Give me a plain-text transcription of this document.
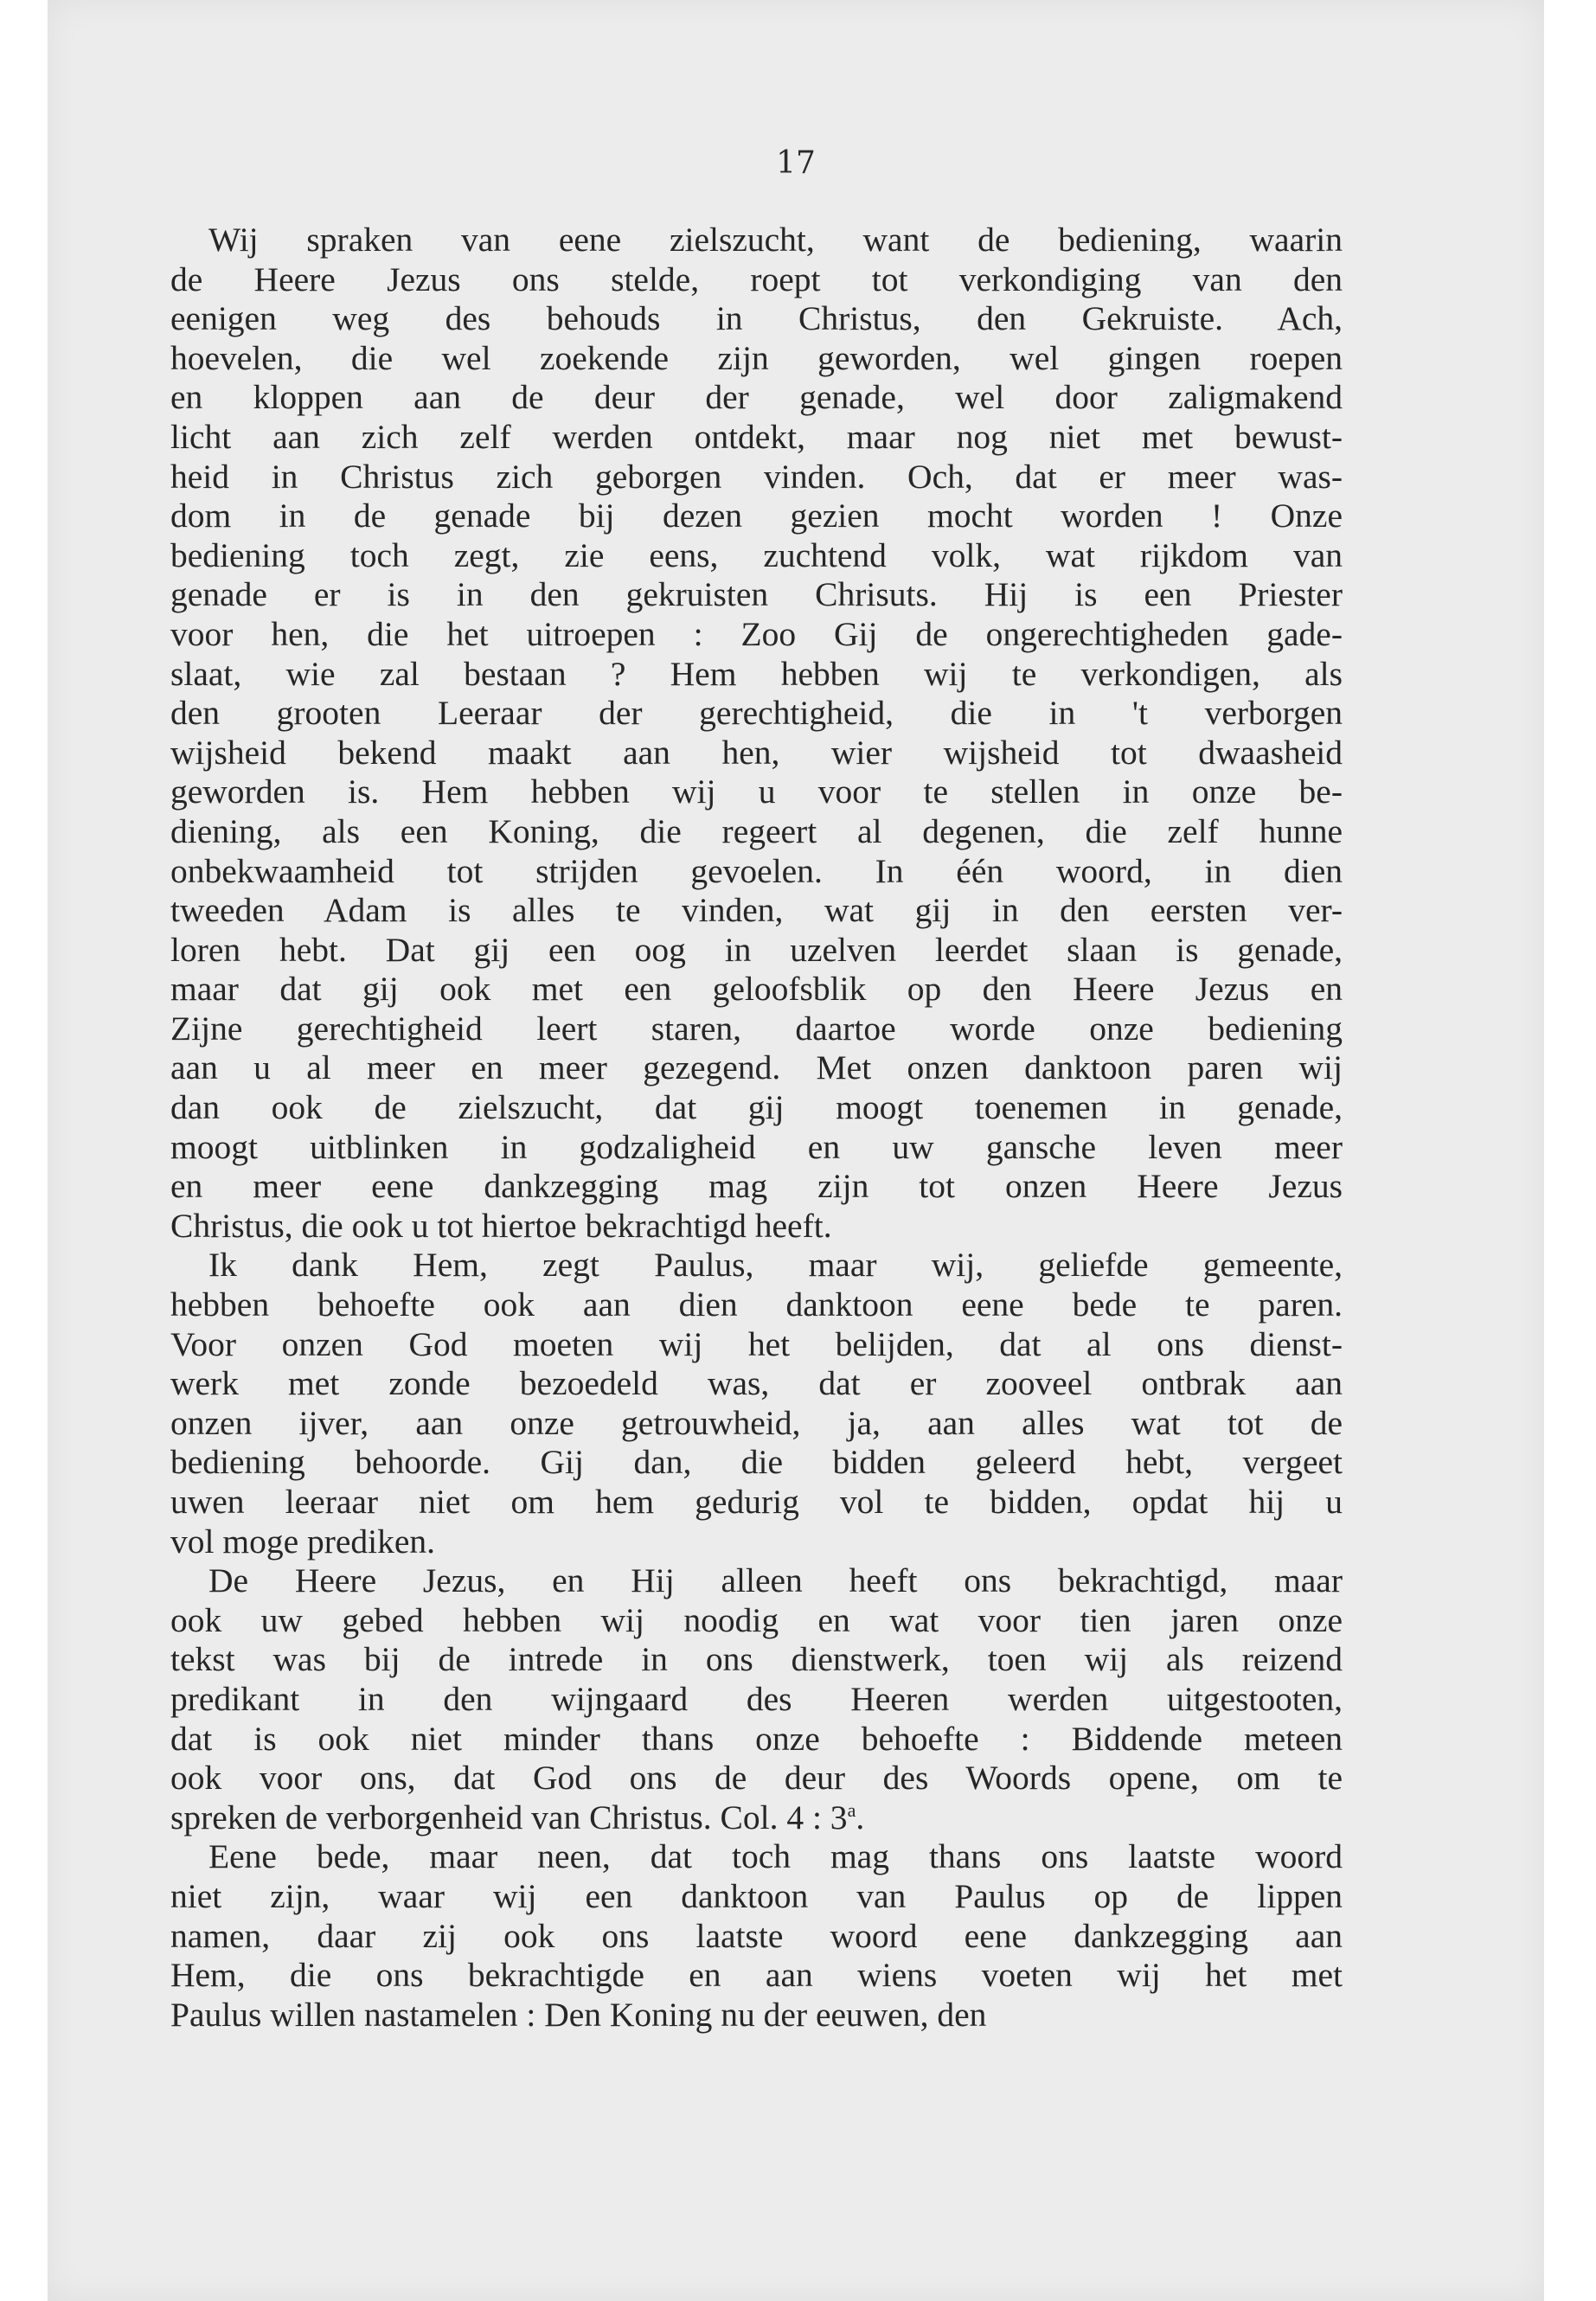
17
Wij spraken van eene zielszucht, want de bediening, waarin
de Heere Jezus ons stelde, roept tot verkondiging van den
eenigen weg des behouds in Christus, den Gekruiste. Ach,
hoevelen, die wel zoekende zijn geworden, wel gingen roepen
en kloppen aan de deur der genade, wel door zaligmakend
licht aan zich zelf werden ontdekt, maar nog niet met bewust-
heid in Christus zich geborgen vinden. Och, dat er meer was-
dom in de genade bij dezen gezien mocht worden ! Onze
bediening toch zegt, zie eens, zuchtend volk, wat rijkdom van
genade er is in den gekruisten Chrisuts. Hij is een Priester
voor hen, die het uitroepen : Zoo Gij de ongerechtigheden gade-
slaat, wie zal bestaan ? Hem hebben wij te verkondigen, als
den grooten Leeraar der gerechtigheid, die in 't verborgen
wijsheid bekend maakt aan hen, wier wijsheid tot dwaasheid
geworden is. Hem hebben wij u voor te stellen in onze be-
diening, als een Koning, die regeert al degenen, die zelf hunne
onbekwaamheid tot strijden gevoelen. In één woord, in dien
tweeden Adam is alles te vinden, wat gij in den eersten ver-
loren hebt. Dat gij een oog in uzelven leerdet slaan is genade,
maar dat gij ook met een geloofsblik op den Heere Jezus en
Zijne gerechtigheid leert staren, daartoe worde onze bediening
aan u al meer en meer gezegend. Met onzen danktoon paren wij
dan ook de zielszucht, dat gij moogt toenemen in genade,
moogt uitblinken in godzaligheid en uw gansche leven meer
en meer eene dankzegging mag zijn tot onzen Heere Jezus
Christus, die ook u tot hiertoe bekrachtigd heeft.
Ik dank Hem, zegt Paulus, maar wij, geliefde gemeente,
hebben behoefte ook aan dien danktoon eene bede te paren.
Voor onzen God moeten wij het belijden, dat al ons dienst-
werk met zonde bezoedeld was, dat er zooveel ontbrak aan
onzen ijver, aan onze getrouwheid, ja, aan alles wat tot de
bediening behoorde. Gij dan, die bidden geleerd hebt, vergeet
uwen leeraar niet om hem gedurig vol te bidden, opdat hij u
vol moge prediken.
De Heere Jezus, en Hij alleen heeft ons bekrachtigd, maar
ook uw gebed hebben wij noodig en wat voor tien jaren onze
tekst was bij de intrede in ons dienstwerk, toen wij als reizend
predikant in den wijngaard des Heeren werden uitgestooten,
dat is ook niet minder thans onze behoefte : Biddende meteen
ook voor ons, dat God ons de deur des Woords opene, om te
spreken de verborgenheid van Christus. Col. 4 : 3$^a$.
Eene bede, maar neen, dat toch mag thans ons laatste woord
niet zijn, waar wij een danktoon van Paulus op de lippen
namen, daar zij ook ons laatste woord eene dankzegging aan
Hem, die ons bekrachtigde en aan wiens voeten wij het met
Paulus willen nastamelen : Den Koning nu der eeuwen, den
